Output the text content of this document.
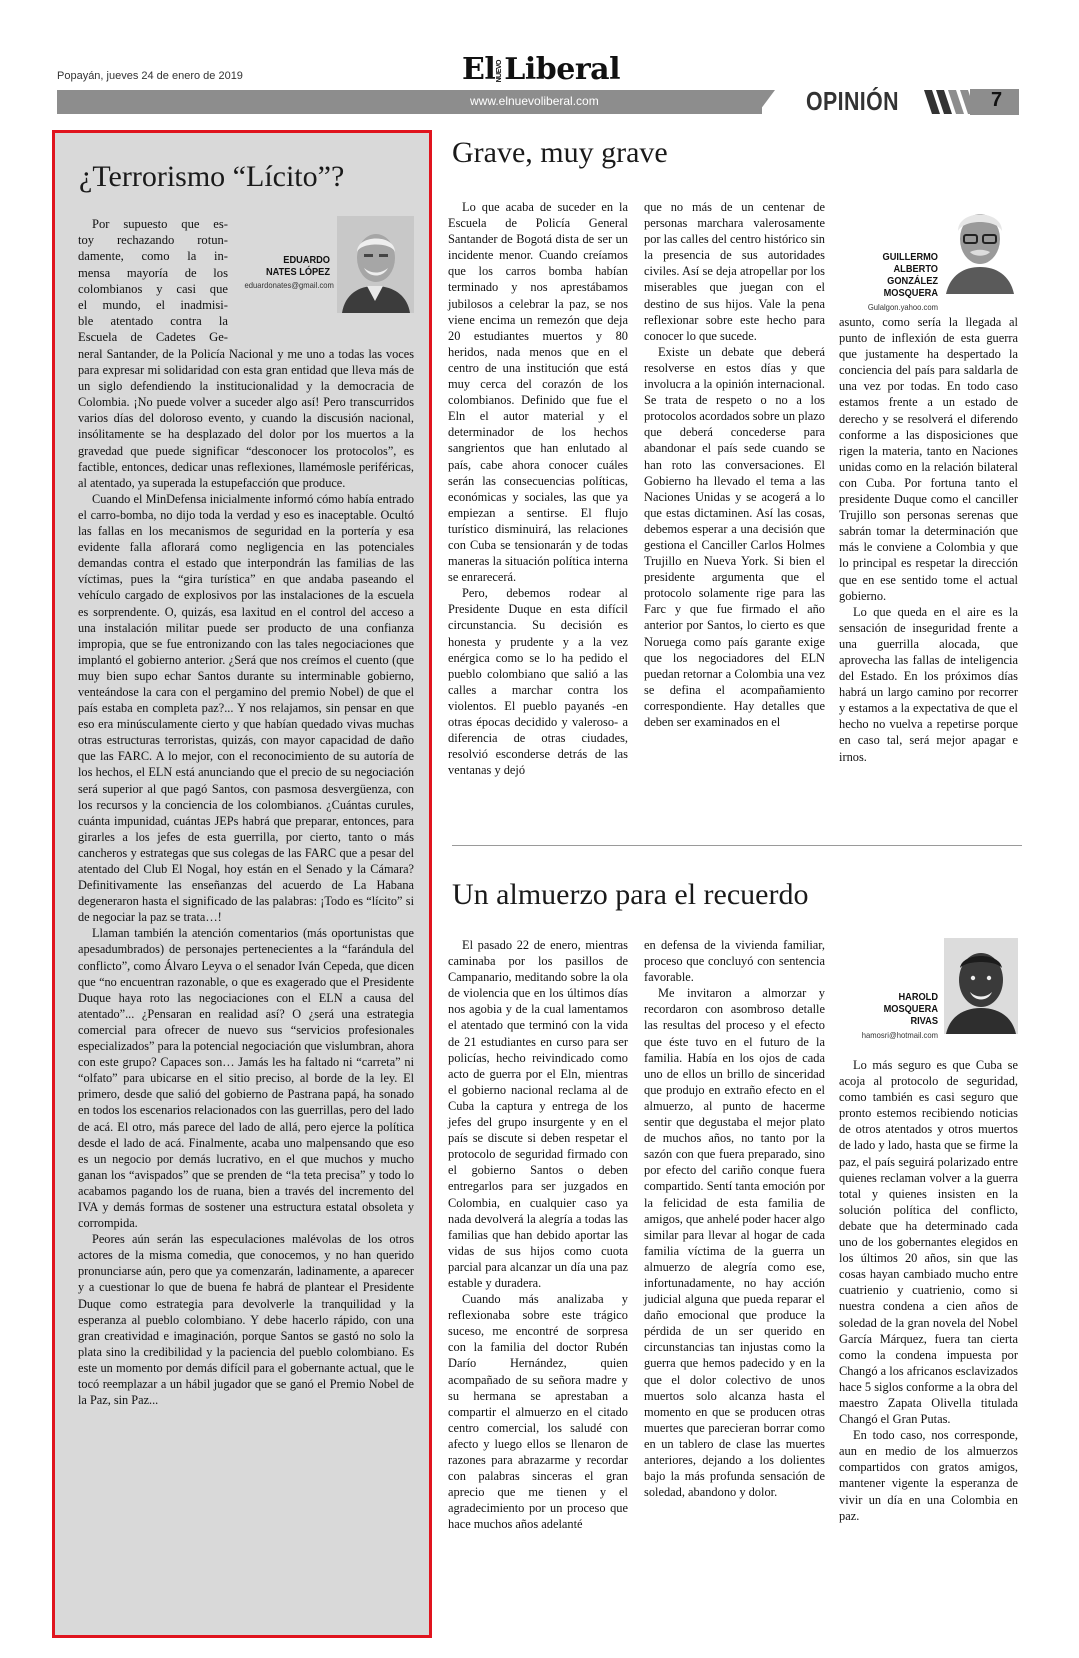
Popayán, jueves 24 de enero de 2019	ElNUEVOLiberal
www.elnuevoliberal.com	OPINIÓN	7
¿Terrorismo “Lícito”?
EDUARDO
NATES LÓPEZ
eduardonates@gmail.com
Por supuesto que es-
toy rechazando rotun-
damente, como la in-
mensa mayoría de los
colombianos y casi que
el mundo, el inadmisi-
ble atentado contra la
Escuela de Cadetes Ge-

neral Santander, de la Policía Nacional y me uno a todas las voces para expresar mi solidaridad con esta gran entidad que lleva más de un siglo defendiendo la institucionalidad y la democracia de Colombia. ¡No puede volver a suceder algo así! Pero transcurridos varios días del doloroso evento, y cuando la discusión nacional, insólitamente se ha desplazado del dolor por los muertos a la gravedad que puede significar “desconocer los protocolos”, es factible, entonces, dedicar unas reflexiones, llamémosle periféricas, al atentado, ya superada la estupefacción que produce.

Cuando el MinDefensa inicialmente informó cómo había entrado el carro-bomba, no dijo toda la verdad y eso es inaceptable. Ocultó las fallas en los mecanismos de seguridad en la portería y esa evidente falla aflorará como negligencia en las potenciales demandas contra el estado que interpondrán las familias de las víctimas, pues la “gira turística” en que andaba paseando el vehículo cargado de explosivos por las instalaciones de la escuela es sorprendente. O, quizás, esa laxitud en el control del acceso a una instalación militar puede ser producto de una confianza impropia, que se fue entronizando con las tales negociaciones que implantó el gobierno anterior. ¿Será que nos creímos el cuento (que muy bien supo echar Santos durante su interminable gobierno, venteándose la cara con el pergamino del premio Nobel) de que el país estaba en completa paz?... Y nos relajamos, sin pensar en que eso era minúsculamente cierto y que habían quedado vivas muchas otras estructuras terroristas, quizás, con mayor capacidad de daño que las FARC. A lo mejor, con el reconocimiento de su autoría de los hechos, el ELN está anunciando que el precio de su negociación será superior al que pagó Santos, con pasmosa desvergüenza, con los recursos y la conciencia de los colombianos. ¿Cuántas curules, cuánta impunidad, cuántas JEPs habrá que preparar, entonces, para girarles a los jefes de esta guerrilla, por cierto, tanto o más cancheros y estrategas que sus colegas de las FARC que a pesar del atentado del Club El Nogal, hoy están en el Senado y la Cámara? Definitivamente las enseñanzas del acuerdo de La Habana degeneraron hasta el significado de las palabras: ¡Todo es “lícito” si de negociar la paz se trata…!

Llaman también la atención comentarios (más oportunistas que apesadumbrados) de personajes pertenecientes a la “farándula del conflicto”, como Álvaro Leyva o el senador Iván Cepeda, que dicen que “no encuentran razonable, o que es exagerado que el Presidente Duque haya roto las negociaciones con el ELN a causa del atentado”... ¿Pensaran en realidad así? O ¿será una estrategia comercial para ofrecer de nuevo sus “servicios profesionales especializados” para la potencial negociación que vislumbran, ahora con este grupo? Capaces son… Jamás les ha faltado ni “carreta” ni “olfato” para ubicarse en el sitio preciso, al borde de la ley. El primero, desde que salió del gobierno de Pastrana papá, ha sonado en todos los escenarios relacionados con las guerrillas, pero del lado de acá. El otro, más parece del lado de allá, pero ejerce la política desde el lado de acá. Finalmente, acaba uno malpensando que eso es un negocio por demás lucrativo, en el que muchos y mucho ganan los “avispados” que se prenden de “la teta precisa” y todo lo acabamos pagando los de ruana, bien a través del incremento del IVA y demás formas de sostener una estructura estatal obsoleta y corrompida.

Peores aún serán las especulaciones malévolas de los otros actores de la misma comedia, que conocemos, y no han querido pronunciarse aún, pero que ya comenzarán, ladinamente, a aparecer y a cuestionar lo que de buena fe habrá de plantear el Presidente Duque como estrategia para devolverle la tranquilidad y la esperanza al pueblo colombiano. Y debe hacerlo rápido, con una gran creatividad e imaginación, porque Santos se gastó no solo la plata sino la credibilidad y la paciencia del pueblo colombiano. Es este un momento por demás difícil para el gobernante actual, que le tocó reemplazar a un hábil jugador que se ganó el Premio Nobel de la Paz, sin Paz...

Grave, muy grave

Lo que acaba de suceder en la Escuela de Policía General Santander de Bogotá dista de ser un incidente menor. Cuando creíamos que los carros bomba habían terminado y nos aprestábamos jubilosos a celebrar la paz, se nos viene encima un remezón que deja 20 estudiantes muertos y 80 heridos, nada menos que en el centro de una institución que está muy cerca del corazón de los colombianos. Definido que fue el Eln el autor material y el determinador de los hechos sangrientos que han enlutado al país, cabe ahora conocer cuáles serán las consecuencias políticas, económicas y sociales, las que ya empiezan a sentirse. El flujo turístico disminuirá, las relaciones con Cuba se tensionarán y de todas maneras la situación política interna se enrarecerá.

Pero, debemos rodear al Presidente Duque en esta difícil circunstancia. Su decisión es honesta y prudente y a la vez enérgica como se lo ha pedido el pueblo colombiano que salió a las calles a marchar contra los violentos. El pueblo payanés -en otras épocas decidido y valeroso- a diferencia de otras ciudades, resolvió esconderse detrás de las ventanas y dejó

que no más de un centenar de personas marchara valerosamente por las calles del centro histórico sin la presencia de sus autoridades civiles. Así se deja atropellar por los miserables que juegan con el destino de sus hijos. Vale la pena reflexionar sobre este hecho para conocer lo que sucede.

Existe un debate que deberá resolverse en estos días y que involucra a la opinión internacional. Se trata de respeto o no a los protocolos acordados sobre un plazo que deberá concederse para abandonar el país sede cuando se han roto las conversaciones. El Gobierno ha llevado el tema a las Naciones Unidas y se acogerá a lo que estas dictaminen. Así las cosas, debemos esperar a una decisión que gestiona el Canciller Carlos Holmes Trujillo en Nueva York. Si bien el presidente argumenta que el protocolo solamente rige para las Farc y que fue firmado el año anterior por Santos, lo cierto es que Noruega como país garante exige que los negociadores del ELN puedan retornar a Colombia una vez se defina el acompañamiento correspondiente. Hay detalles que deben ser examinados en el

GUILLERMO ALBERTO
GONZÁLEZ MOSQUERA
Gulalgon.yahoo.com

asunto, como sería la llegada al punto de inflexión de esta guerra que justamente ha despertado la conciencia del país para saldarla de una vez por todas. En todo caso estamos frente a un estado de derecho y se resolverá el diferendo conforme a las disposiciones que rigen la materia, tanto en Naciones unidas como en la relación bilateral con Cuba. Por fortuna tanto el presidente Duque como el canciller Trujillo son personas serenas que sabrán tomar la determinación que más le conviene a Colombia y que lo principal es respetar la dirección que en ese sentido tome el actual gobierno.

Lo que queda en el aire es la sensación de inseguridad frente a una guerrilla alocada, que aprovecha las fallas de inteligencia del Estado. En los próximos días habrá un largo camino por recorrer y estamos a la expectativa de que el hecho no vuelva a repetirse porque en caso tal, será mejor apagar e irnos.

Un almuerzo para el recuerdo

El pasado 22 de enero, mientras caminaba por los pasillos de Campanario, meditando sobre la ola de violencia que en los últimos días nos agobia y de la cual lamentamos el atentado que terminó con la vida de 21 estudiantes en curso para ser policías, hecho reivindicado como acto de guerra por el Eln, mientras el gobierno nacional reclama al de Cuba la captura y entrega de los jefes del grupo insurgente y en el país se discute si deben respetar el protocolo de seguridad firmado con el gobierno Santos o deben entregarlos para ser juzgados en Colombia, en cualquier caso ya nada devolverá la alegría a todas las familias que han debido aportar las vidas de sus hijos como cuota parcial para alcanzar un día una paz estable y duradera.

Cuando más analizaba y reflexionaba sobre este trágico suceso, me encontré de sorpresa con la familia del doctor Rubén Darío Hernández, quien acompañado de su señora madre y su hermana se aprestaban a compartir el almuerzo en el citado centro comercial, los saludé con afecto y luego ellos se llenaron de razones para abrazarme y recordar con palabras sinceras el gran aprecio que me tienen y el agradecimiento por un proceso que hace muchos años adelanté

en defensa de la vivienda familiar, proceso que concluyó con sentencia favorable.

Me invitaron a almorzar y recordaron con asombroso detalle las resultas del proceso y el efecto que éste tuvo en el futuro de la familia. Había en los ojos de cada uno de ellos un brillo de sinceridad que produjo en extraño efecto en el almuerzo, al punto de hacerme sentir que degustaba el mejor plato de muchos años, no tanto por la sazón con que fuera preparado, sino por efecto del cariño conque fuera compartido. Sentí tanta emoción por la felicidad de esta familia de amigos, que anhelé poder hacer algo similar para llevar al hogar de cada familia víctima de la guerra un almuerzo de alegría como ese, infortunadamente, no hay acción judicial alguna que pueda reparar el daño emocional que produce la pérdida de un ser querido en circunstancias tan injustas como la guerra que hemos padecido y en la que el dolor colectivo de unos muertos solo alcanza hasta el momento en que se producen otras muertes que parecieran borrar como en un tablero de clase las muertes anteriores, dejando a los dolientes bajo la más profunda sensación de soledad, abandono y dolor.

HAROLD MOSQUERA
RIVAS
hamosri@hotmail.com

Lo más seguro es que Cuba se acoja al protocolo de seguridad, como también es casi seguro que pronto estemos recibiendo noticias de otros atentados y otros muertos de lado y lado, hasta que se firme la paz, el país seguirá polarizado entre quienes reclaman volver a la guerra total y quienes insisten en la solución política del conflicto, debate que ha determinado cada uno de los gobernantes elegidos en los últimos 20 años, sin que las cosas hayan cambiado mucho entre cuatrienio y cuatrienio, como si nuestra condena a cien años de soledad de la gran novela del Nobel García Márquez, fuera tan cierta como la condena impuesta por Changó a los africanos esclavizados hace 5 siglos conforme a la obra del maestro Zapata Olivella titulada Changó el Gran Putas.

En todo caso, nos corresponde, aun en medio de los almuerzos compartidos con gratos amigos, mantener vigente la esperanza de vivir un día en una Colombia en paz.
